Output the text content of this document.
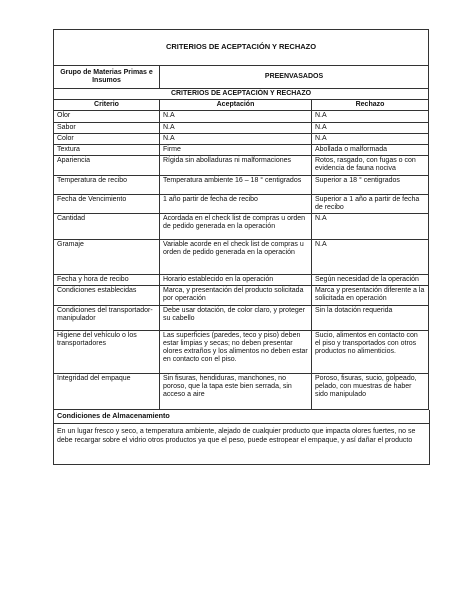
CRITERIOS DE ACEPTACIÓN Y RECHAZO		
Grupo de Materias Primas e Insumos	PREENVASADOS	
CRITERIOS DE ACEPTACIÓN Y RECHAZO		
Criterio	Aceptación	Rechazo
Olor	N.A	N.A
Sabor	N.A	N.A
Color	N.A	N.A
Textura	Firme	Abollada o malformada
Apariencia	Rígida sin abolladuras ni malformaciones	Rotos, rasgado, con fugas o con evidencia de fauna nociva
Temperatura de recibo	Temperatura ambiente 16 – 18 ° centigrados	Superior a 18 ° centigrados
Fecha de Vencimiento	1 año partir de fecha de recibo	Superior a 1 año a partir de fecha de recibo
Cantidad	Acordada en el check list de compras u orden de pedido generada en la operación	N.A
Gramaje	Variable acorde en el check list de compras u orden de pedido generada en la operación	N.A
Fecha y hora de recibo	Horario establecido en la operación	Según necesidad de la operación
Condiciones establecidas	Marca, y presentación del producto solicitada por operación	Marca y presentación diferente a la solicitada en operación
Condiciones del transportador-manipulador	Debe usar dotación, de color claro, y proteger su cabello	Sin la dotación requerida
Higiene del vehículo o los transportadores	Las superficies (paredes, teco y piso) deben estar limpias y secas; no deben presentar olores extraños y los alimentos no deben estar en contacto con el piso.	Sucio, alimentos en contacto con el piso y transportados con otros productos no alimenticios.
Integridad del empaque	Sin fisuras, hendiduras, manchones, no poroso, que la tapa este bien serrada, sin acceso a aire	Poroso, fisuras, sucio, golpeado, pelado, con muestras de haber sido manipulado
Condiciones de Almacenamiento
En un lugar fresco y seco, a temperatura ambiente, alejado de cualquier producto que impacta olores fuertes, no se debe recargar sobre el vidrio otros productos ya que el peso, puede estropear el empaque, y así dañar el producto
